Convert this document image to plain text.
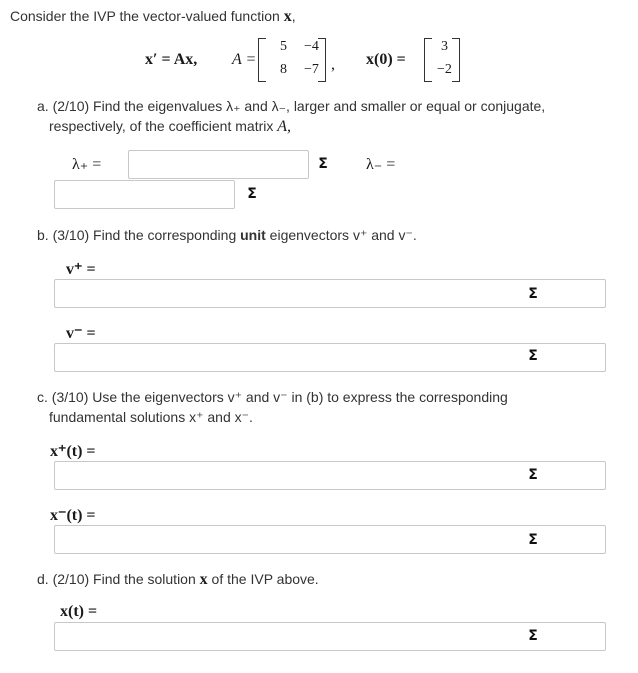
Consider the IVP the vector-valued function x,
x′ = Ax, A =
5 −4
8 −7 , x(0) =
3
−2
a. (2/10) Find the eigenvalues λ₊ and λ₋, larger and smaller or equal or conjugate,
respectively, of the coefficient matrix A,
λ₊ =	Σ λ₋ =
Σ
b. (3/10) Find the corresponding unit eigenvectors v⁺ and v⁻.
v⁺ =
Σ
v⁻ =
Σ
c. (3/10) Use the eigenvectors v⁺ and v⁻ in (b) to express the corresponding
fundamental solutions x⁺ and x⁻.
x⁺(t) =
Σ
x⁻(t) =
Σ
d. (2/10) Find the solution x of the IVP above.
x(t) =
Σ
